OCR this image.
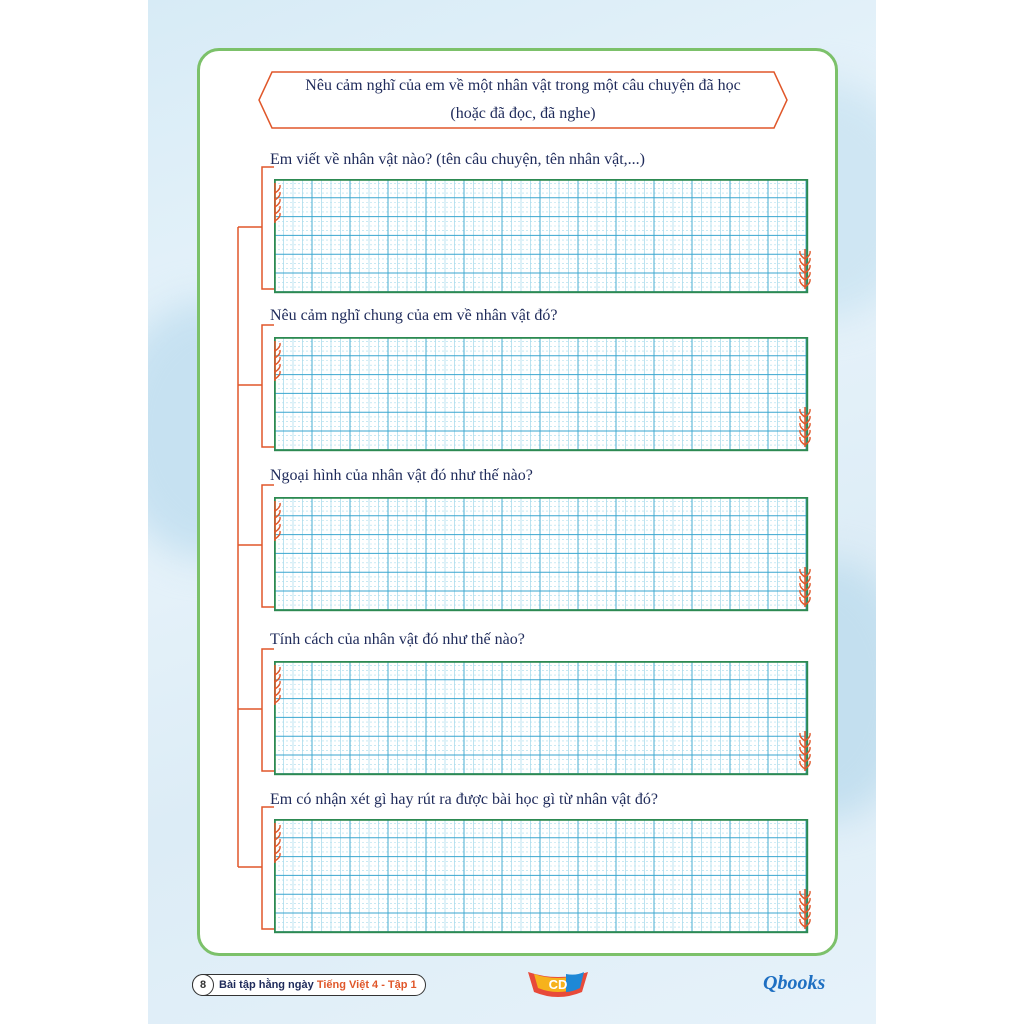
Nêu cảm nghĩ của em về một nhân vật trong một câu chuyện đã học
(hoặc đã đọc, đã nghe)
Em viết về nhân vật nào? (tên câu chuyện, tên nhân vật,...)
Nêu cảm nghĩ chung của em về nhân vật đó?
Ngoại hình của nhân vật đó như thế nào?
Tính cách của nhân vật đó như thế nào?
Em có nhận xét gì hay rút ra được bài học gì từ nhân vật đó?
8	Bài tập hằng ngày Tiếng Việt 4 - Tập 1	CD	Qbooks
